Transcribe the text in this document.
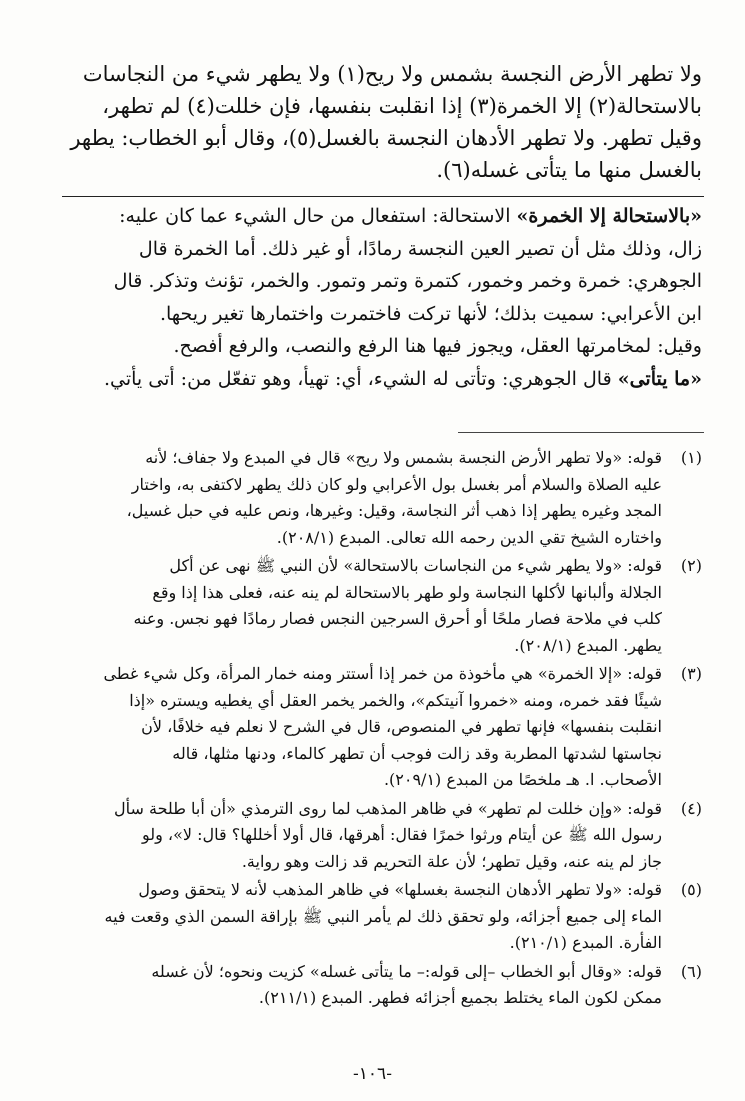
ولا تطهر الأرض النجسة بشمس ولا ريح(١) ولا يطهر شيء من النجاسات
بالاستحالة(٢) إلا الخمرة(٣) إذا انقلبت بنفسها، فإن خللت(٤) لم تطهر،
وقيل تطهر. ولا تطهر الأدهان النجسة بالغسل(٥)، وقال أبو الخطاب: يطهر
بالغسل منها ما يتأتى غسله(٦).
«بالاستحالة إلا الخمرة» الاستحالة: استفعال من حال الشيء عما كان عليه:
زال، وذلك مثل أن تصير العين النجسة رمادًا، أو غير ذلك. أما الخمرة قال
الجوهري: خمرة وخمر وخمور، كتمرة وتمر وتمور. والخمر، تؤنث وتذكر. قال
ابن الأعرابي: سميت بذلك؛ لأنها تركت فاختمرت واختمارها تغير ريحها.
وقيل: لمخامرتها العقل، ويجوز فيها هنا الرفع والنصب، والرفع أفصح.
«ما يتأتى» قال الجوهري: وتأتى له الشيء، أي: تهيأ، وهو تفعّل من: أتى يأتي.
(١)
قوله: «ولا تطهر الأرض النجسة بشمس ولا ريح» قال في المبدع ولا جفاف؛ لأنه
عليه الصلاة والسلام أمر بغسل بول الأعرابي ولو كان ذلك يطهر لاكتفى به، واختار
المجد وغيره يطهر إذا ذهب أثر النجاسة، وقيل: وغيرها، ونص عليه في حبل غسيل،
واختاره الشيخ تقي الدين رحمه الله تعالى. المبدع (٢٠٨/١).
(٢)
قوله: «ولا يطهر شيء من النجاسات بالاستحالة» لأن النبي ﷺ نهى عن أكل
الجلالة وألبانها لأكلها النجاسة ولو طهر بالاستحالة لم ينه عنه، فعلى هذا إذا وقع
كلب في ملاحة فصار ملحًا أو أحرق السرجين النجس فصار رمادًا فهو نجس. وعنه
يطهر. المبدع (٢٠٨/١).
(٣)
قوله: «إلا الخمرة» هي مأخوذة من خمر إذا أستتر ومنه خمار المرأة، وكل شيء غطى
شيئًا فقد خمره، ومنه «خمروا آنيتكم»، والخمر يخمر العقل أي يغطيه ويستره «إذا
انقلبت بنفسها» فإنها تطهر في المنصوص، قال في الشرح لا نعلم فيه خلافًا، لأن
نجاستها لشدتها المطربة وقد زالت فوجب أن تطهر كالماء، ودنها مثلها، قاله
الأصحاب. ا. هـ ملخصًا من المبدع (٢٠٩/١).
(٤)
قوله: «وإن خللت لم تطهر» في ظاهر المذهب لما روى الترمذي «أن أبا طلحة سأل
رسول الله ﷺ عن أيتام ورثوا خمرًا فقال: أهرقها، قال أولا أخللها؟ قال: لا»، ولو
جاز لم ينه عنه، وقيل تطهر؛ لأن علة التحريم قد زالت وهو رواية.
(٥)
قوله: «ولا تطهر الأدهان النجسة بغسلها» في ظاهر المذهب لأنه لا يتحقق وصول
الماء إلى جميع أجزائه، ولو تحقق ذلك لم يأمر النبي ﷺ بإراقة السمن الذي وقعت فيه
الفأرة. المبدع (٢١٠/١).
(٦)
قوله: «وقال أبو الخطاب –إلى قوله:– ما يتأتى غسله» كزيت ونحوه؛ لأن غسله
ممكن لكون الماء يختلط بجميع أجزائه فطهر. المبدع (٢١١/١).
-١٠٦-
